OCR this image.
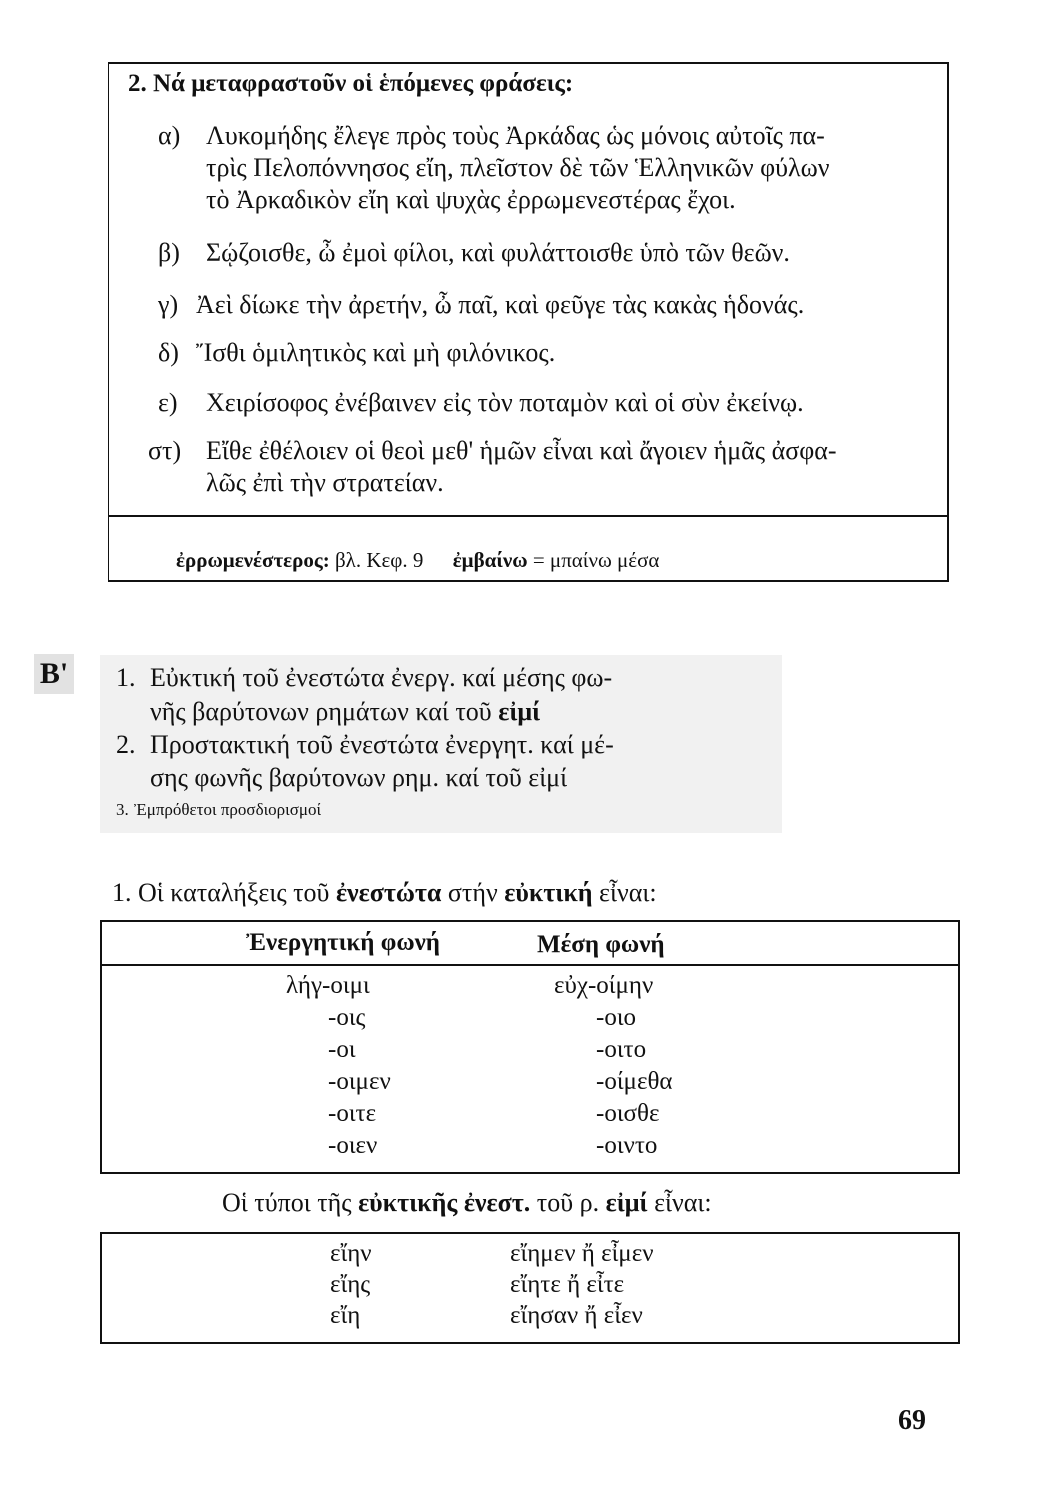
2. Νά μεταφραστοῦν οἱ ἑπόμενες φράσεις:
α) Λυκομήδης ἔλεγε πρὸς τοὺς Ἀρκάδας ὡς μόνοις αὐτοῖς πα-
τρὶς Πελοπόννησος εἴη, πλεῖστον δὲ τῶν Ἑλληνικῶν φύλων
τὸ Ἀρκαδικὸν εἴη καὶ ψυχὰς ἐρρωμενεστέρας ἔχοι.
β) Σῴζοισθε, ὦ ἐμοὶ φίλοι, καὶ φυλάττοισθε ὑπὸ τῶν θεῶν.
γ) Ἀεὶ δίωκε τὴν ἀρετήν, ὦ παῖ, καὶ φεῦγε τὰς κακὰς ἡδονάς.
δ) Ἴσθι ὁμιλητικὸς καὶ μὴ φιλόνικος.
ε) Χειρίσοφος ἐνέβαινεν εἰς τὸν ποταμὸν καὶ οἱ σὺν ἐκείνῳ.
στ) Εἴθε ἐθέλοιεν οἱ θεοὶ μεθ' ἡμῶν εἶναι καὶ ἄγοιεν ἡμᾶς ἀσφα-
λῶς ἐπὶ τὴν στρατείαν.
ἐρρωμενέστερος: βλ. Κεφ. 9 ἐμβαίνω = μπαίνω μέσα
Β' 1. Εὐκτική τοῦ ἐνεστώτα ἐνεργ. καί μέσης φω-
νῆς βαρύτονων ρημάτων καί τοῦ εἰμί
2. Προστακτική τοῦ ἐνεστώτα ἐνεργητ. καί μέ-
σης φωνῆς βαρύτονων ρημ. καί τοῦ εἰμί
3. Ἐμπρόθετοι προσδιορισμοί
1. Οἱ καταλήξεις τοῦ ἐνεστώτα στήν εὐκτική εἶναι:
Ἐνεργητική φωνή	Μέση φωνή
Οἱ τύποι τῆς εὐκτικῆς ἐνεστ. τοῦ ρ. εἰμί εἶναι:
69
λήγ-οιμι	εὐχ-οίμην
-οις	-οιο
-οι	-οιτο
-οιμεν	-οίμεθα
-οιτε	-οισθε
-οιεν	-οιντο
εἴην	εἴημεν ἤ εἶμεν
εἴης	εἴητε ἤ εἶτε
εἴη	εἴησαν ἤ εἶεν
